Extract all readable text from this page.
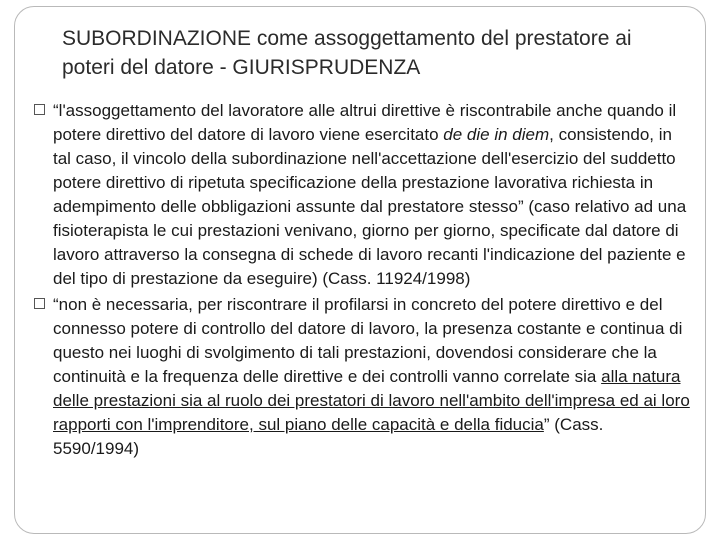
SUBORDINAZIONE come assoggettamento del prestatore ai poteri del datore - GIURISPRUDENZA
“l'assoggettamento del lavoratore alle altrui direttive è riscontrabile anche quando il potere direttivo del datore di lavoro viene esercitato de die in diem, consistendo, in tal caso, il vincolo della subordinazione nell'accettazione dell'esercizio del suddetto potere direttivo di ripetuta specificazione della prestazione lavorativa richiesta in adempimento delle obbligazioni assunte dal prestatore stesso” (caso relativo ad una fisioterapista le cui prestazioni venivano, giorno per giorno, specificate dal datore di lavoro attraverso la consegna di schede di lavoro recanti l'indicazione del paziente e del tipo di prestazione da eseguire) (Cass. 11924/1998)
“non è necessaria, per riscontrare il profilarsi in concreto del potere direttivo e del connesso potere di controllo del datore di lavoro, la presenza costante e continua di questo nei luoghi di svolgimento di tali prestazioni, dovendosi considerare che la continuità e la frequenza delle direttive e dei controlli vanno correlate sia alla natura delle prestazioni sia al ruolo dei prestatori di lavoro nell'ambito dell'impresa ed ai loro rapporti con l'imprenditore, sul piano delle capacità e della fiducia” (Cass. 5590/1994)
